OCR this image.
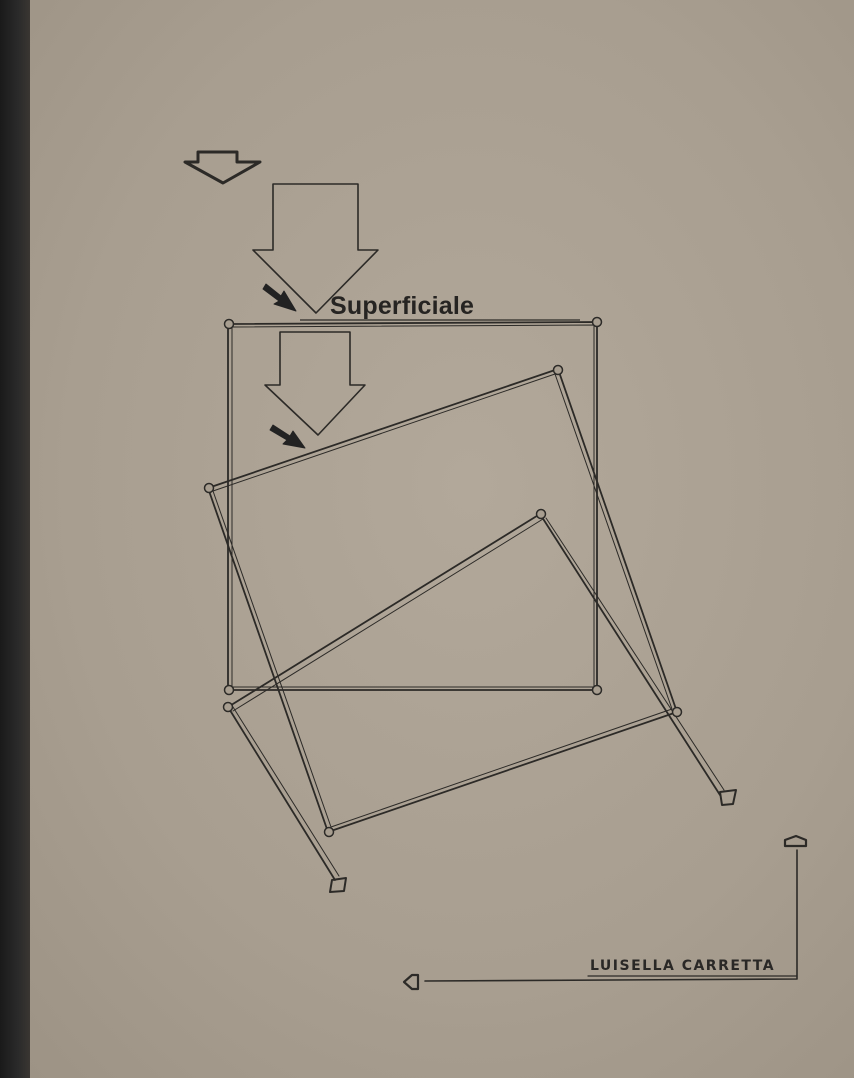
Superficiale
LUISELLA CARRETTA
